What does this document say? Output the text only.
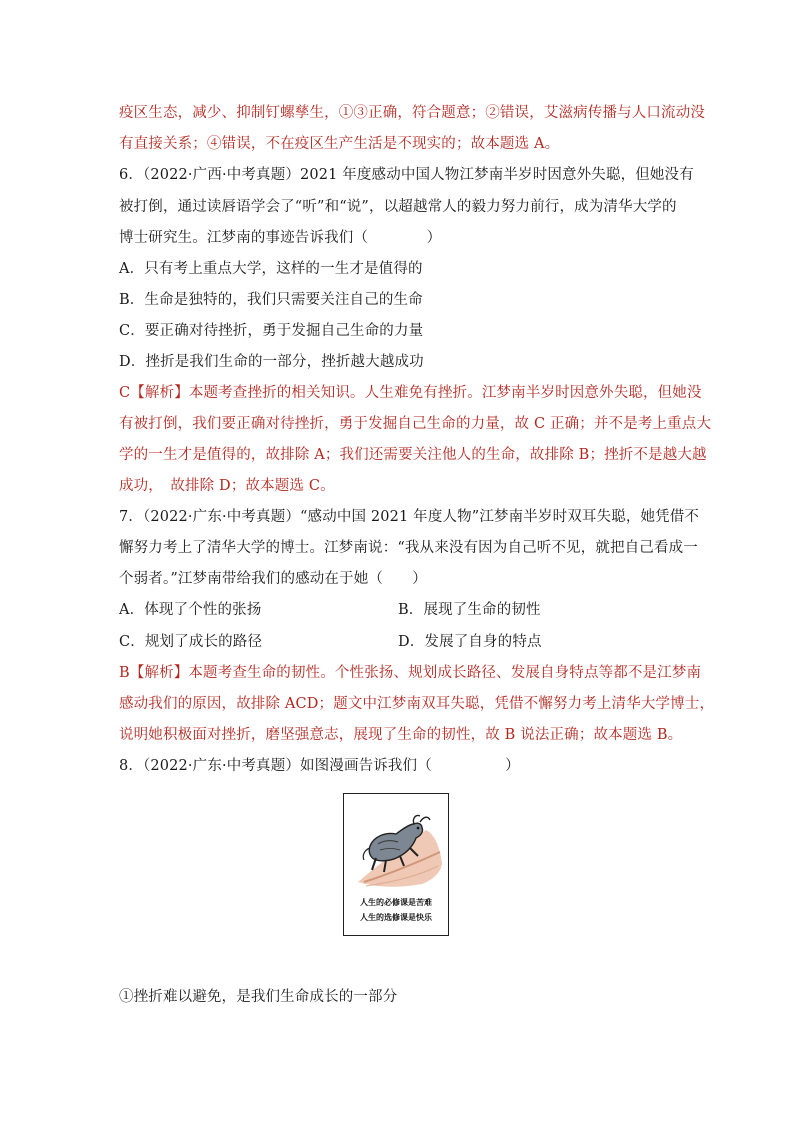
疫区生态，减少、抑制钉螺孳生，①③正确，符合题意；②错误，艾滋病传播与人口流动没
有直接关系；④错误，不在疫区生产生活是不现实的；故本题选 A。
6．（2022·广西·中考真题）2021 年度感动中国人物江梦南半岁时因意外失聪，但她没有
被打倒，通过读唇语学会了“听”和“说”，以超越常人的毅力努力前行，成为清华大学的
博士研究生。江梦南的事迹告诉我们（　　　　）
A．只有考上重点大学，这样的一生才是值得的
B．生命是独特的，我们只需要关注自己的生命
C．要正确对待挫折，勇于发掘自己生命的力量
D．挫折是我们生命的一部分，挫折越大越成功
C【解析】本题考查挫折的相关知识。人生难免有挫折。江梦南半岁时因意外失聪，但她没
有被打倒，我们要正确对待挫折，勇于发掘自己生命的力量，故 C 正确；并不是考上重点大
学的一生才是值得的，故排除 A；我们还需要关注他人的生命，故排除 B；挫折不是越大越
成功，　故排除 D；故本题选 C。
7．（2022·广东·中考真题）“感动中国 2021 年度人物”江梦南半岁时双耳失聪，她凭借不
懈努力考上了清华大学的博士。江梦南说：“我从来没有因为自己听不见，就把自己看成一
个弱者。”江梦南带给我们的感动在于她（　　）
A．体现了个性的张扬	B．展现了生命的韧性
C．规划了成长的路径	D．发展了自身的特点
B【解析】本题考查生命的韧性。个性张扬、规划成长路径、发展自身特点等都不是江梦南
感动我们的原因，故排除 ACD；题文中江梦南双耳失聪，凭借不懈努力考上清华大学博士，
说明她积极面对挫折，磨坚强意志，展现了生命的韧性，故 B 说法正确；故本题选 B。
8．（2022·广东·中考真题）如图漫画告诉我们（　　　　　）
人生的必修课是苦难
人生的选修课是快乐
①挫折难以避免，是我们生命成长的一部分
